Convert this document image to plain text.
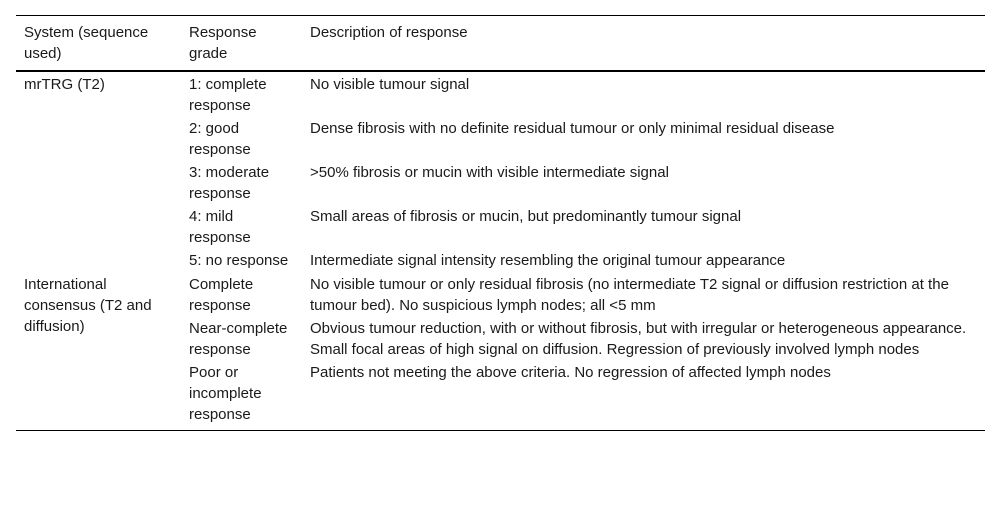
System (sequence used)	Response grade	Description of response
mrTRG (T2)	1: complete response	No visible tumour signal
	2: good response	Dense fibrosis with no definite residual tumour or only minimal residual disease
	3: moderate response	>50% fibrosis or mucin with visible intermediate signal
	4: mild response	Small areas of fibrosis or mucin, but predominantly tumour signal
	5: no response	Intermediate signal intensity resembling the original tumour appearance
International consensus (T2 and diffusion)	Complete response	No visible tumour or only residual fibrosis (no intermediate T2 signal or diffusion restriction at the tumour bed). No suspicious lymph nodes; all <5 mm
	Near-complete response	Obvious tumour reduction, with or without fibrosis, but with irregular or heterogeneous appearance. Small focal areas of high signal on diffusion. Regression of previously involved lymph nodes
	Poor or incomplete response	Patients not meeting the above criteria. No regression of affected lymph nodes
